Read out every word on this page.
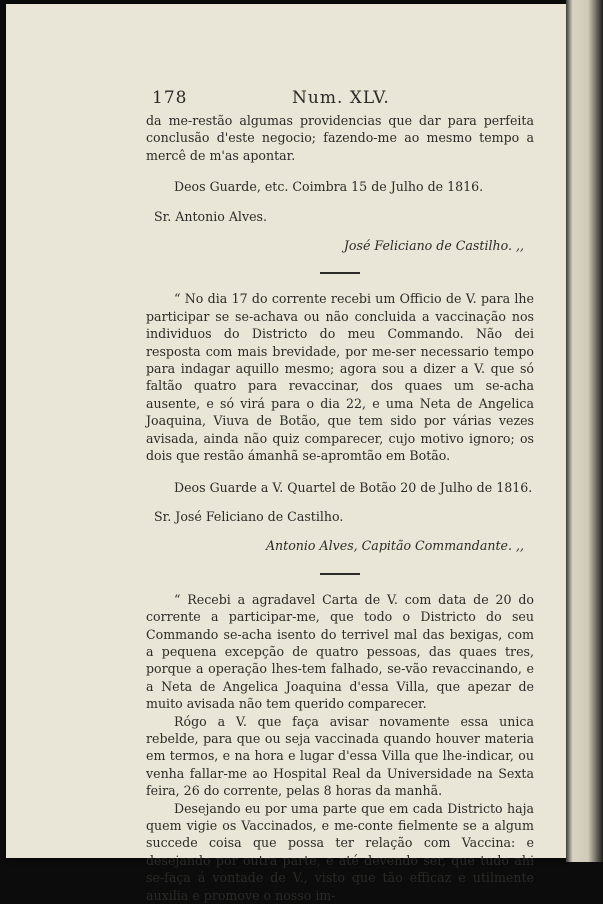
178	Num. XLV.

da me-restão algumas providencias que dar para perfeita conclusão d'este negocio; fazendo-me ao mesmo tempo a mercê de m'as apontar.

Deos Guarde, etc. Coimbra 15 de Julho de 1816.

Sr. Antonio Alves.

José Feliciano de Castilho. ,,

“ No dia 17 do corrente recebi um Officio de V. para lhe participar se se-achava ou não concluida a vaccinação nos individuos do Districto do meu Commando. Não dei resposta com mais brevidade, por me-ser necessario tempo para indagar aquillo mesmo; agora sou a dizer a V. que só faltão quatro para revaccinar, dos quaes um se-acha ausente, e só virá para o dia 22, e uma Neta de Angelica Joaquina, Viuva de Botão, que tem sido por várias vezes avisada, ainda não quiz comparecer, cujo motivo ignoro; os dois que restão ámanhã se-apromtão em Botão.

Deos Guarde a V. Quartel de Botão 20 de Julho de 1816.

Sr. José Feliciano de Castilho.

Antonio Alves, Capitão Commandante. ,,

“ Recebi a agradavel Carta de V. com data de 20 do corrente a participar-me, que todo o Districto do seu Commando se-acha isento do terrivel mal das bexigas, com a pequena excepção de quatro pessoas, das quaes tres, porque a operação lhes-tem falhado, se-vão revaccinando, e a Neta de Angelica Joaquina d'essa Villa, que apezar de muito avisada não tem querido comparecer.

Rógo a V. que faça avisar novamente essa unica rebelde, para que ou seja vaccinada quando houver materia em termos, e na hora e lugar d'essa Villa que lhe-indicar, ou venha fallar-me ao Hospital Real da Universidade na Sexta feira, 26 do corrente, pelas 8 horas da manhã.

Desejando eu por uma parte que em cada Districto haja quem vigie os Vaccinados, e me-conte fielmente se a algum succede coisa que possa ter relação com Vaccina: e desejando por outra parte, e até devendo ser, que tudo ahi se-faça á vontade de V., visto que tão efficaz e utilmente auxilia e promove o nosso im-
